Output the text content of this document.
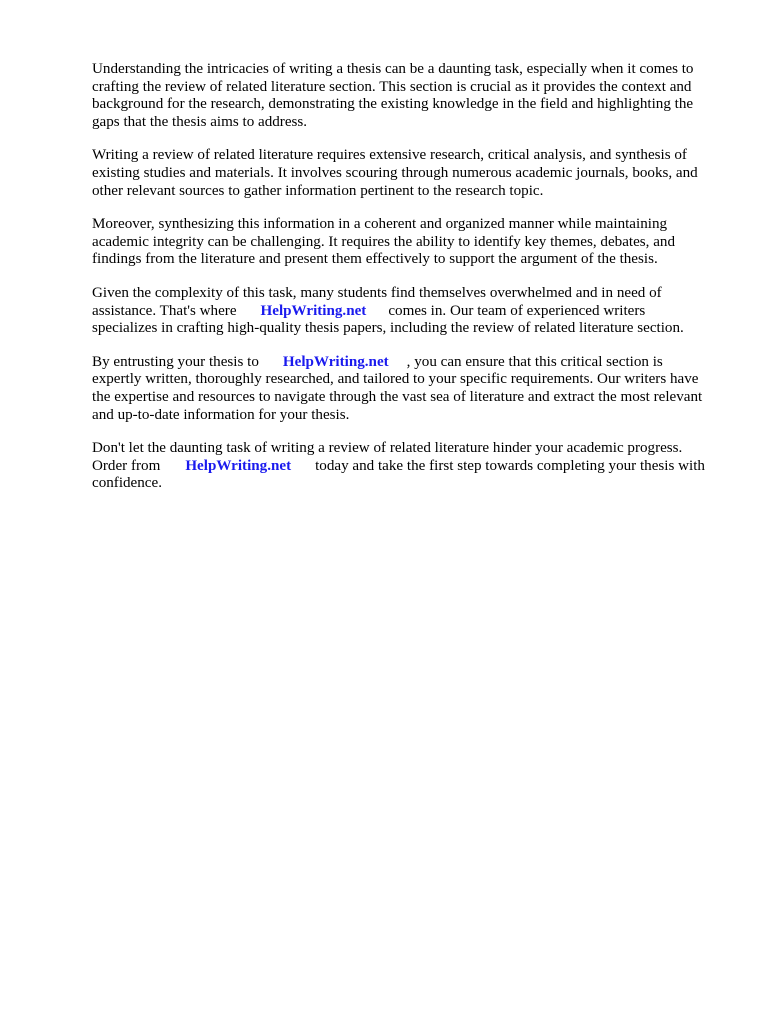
Understanding the intricacies of writing a thesis can be a daunting task, especially when it comes to
crafting the review of related literature section. This section is crucial as it provides the context and
background for the research, demonstrating the existing knowledge in the field and highlighting the
gaps that the thesis aims to address.

Writing a review of related literature requires extensive research, critical analysis, and synthesis of
existing studies and materials. It involves scouring through numerous academic journals, books, and
other relevant sources to gather information pertinent to the research topic.

Moreover, synthesizing this information in a coherent and organized manner while maintaining
academic integrity can be challenging. It requires the ability to identify key themes, debates, and
findings from the literature and present them effectively to support the argument of the thesis.

Given the complexity of this task, many students find themselves overwhelmed and in need of
assistance. That's where HelpWriting.net comes in. Our team of experienced writers
specializes in crafting high-quality thesis papers, including the review of related literature section.

By entrusting your thesis to HelpWriting.net , you can ensure that this critical section is
expertly written, thoroughly researched, and tailored to your specific requirements. Our writers have
the expertise and resources to navigate through the vast sea of literature and extract the most relevant
and up-to-date information for your thesis.

Don't let the daunting task of writing a review of related literature hinder your academic progress.
Order from HelpWriting.net today and take the first step towards completing your thesis with
confidence.
